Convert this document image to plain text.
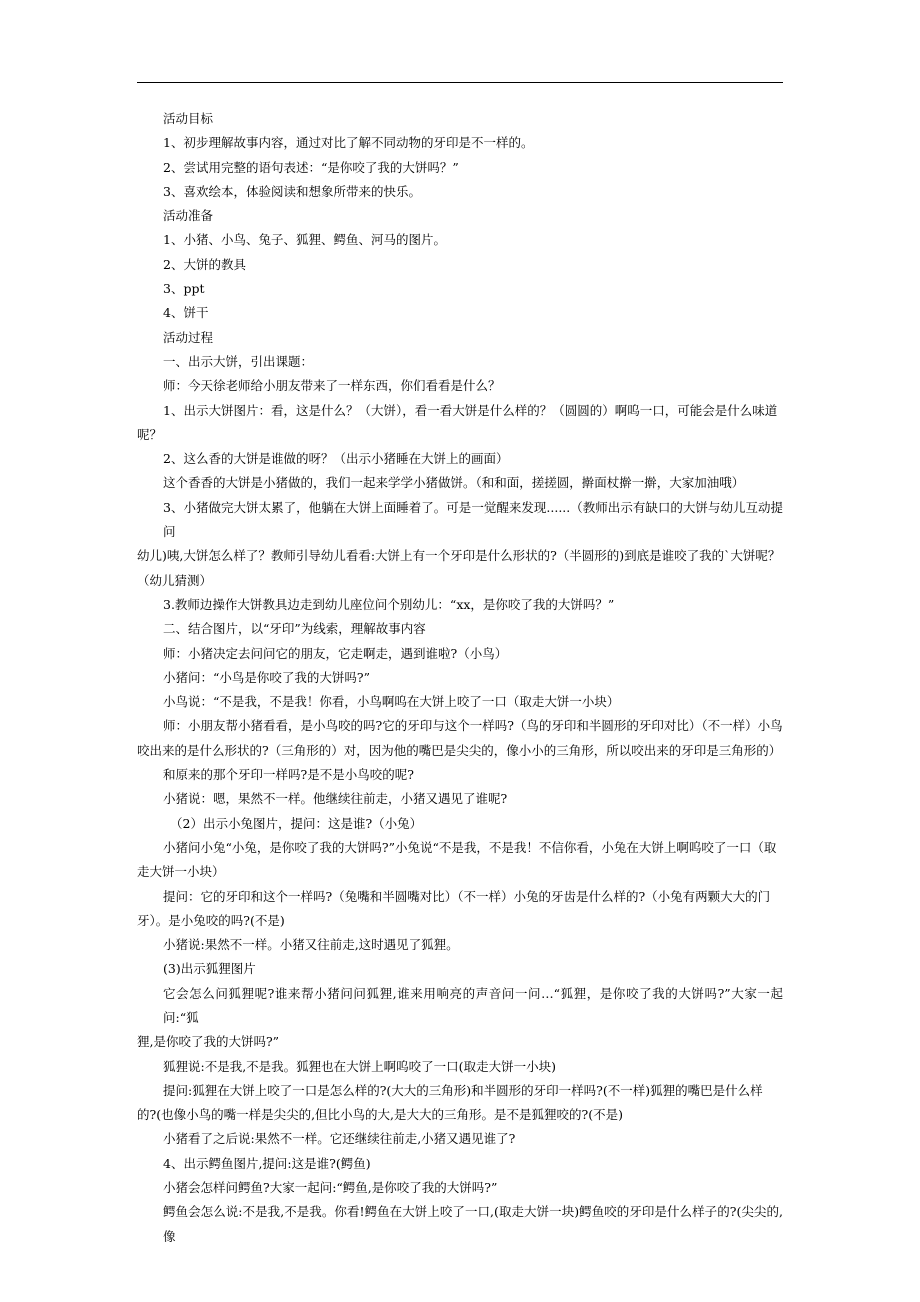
活动目标

1、初步理解故事内容，通过对比了解不同动物的牙印是不一样的。

2、尝试用完整的语句表述：“是你咬了我的大饼吗？”

3、喜欢绘本，体验阅读和想象所带来的快乐。

活动准备

1、小猪、小鸟、兔子、狐狸、鳄鱼、河马的图片。

2、大饼的教具

3、ppt

4、饼干

活动过程

一、出示大饼，引出课题：

师：今天徐老师给小朋友带来了一样东西，你们看看是什么？

1、出示大饼图片：看，这是什么？（大饼），看一看大饼是什么样的？（圆圆的）啊呜一口，可能会是什么味道

呢？

2、这么香的大饼是谁做的呀？（出示小猪睡在大饼上的画面）

这个香香的大饼是小猪做的，我们一起来学学小猪做饼。（和和面，搓搓圆，擀面杖擀一擀，大家加油哦）

3、小猪做完大饼太累了，他躺在大饼上面睡着了。可是一觉醒来发现......（教师出示有缺口的大饼与幼儿互动提问

幼儿)咦,大饼怎么样了？教师引导幼儿看看:大饼上有一个牙印是什么形状的?（半圆形的)到底是谁咬了我的`大饼呢？

（幼儿猜测）

3.教师边操作大饼教具边走到幼儿座位问个别幼儿：“xx，是你咬了我的大饼吗？”

二、结合图片，以“牙印”为线索，理解故事内容

师：小猪决定去问问它的朋友，它走啊走，遇到谁啦?（小鸟）

小猪问：“小鸟是你咬了我的大饼吗?”

小鸟说：“不是我，不是我！你看，小鸟啊呜在大饼上咬了一口（取走大饼一小块）

师：小朋友帮小猪看看，是小鸟咬的吗?它的牙印与这个一样吗?（鸟的牙印和半圆形的牙印对比）（不一样）小鸟

咬出来的是什么形状的?（三角形的）对，因为他的嘴巴是尖尖的，像小小的三角形，所以咬出来的牙印是三角形的）

和原来的那个牙印一样吗?是不是小鸟咬的呢?

小猪说：嗯，果然不一样。他继续往前走，小猪又遇见了谁呢?

（2）出示小兔图片，提问：这是谁?（小兔）

小猪问小兔“小兔，是你咬了我的大饼吗?”小兔说“不是我，不是我！不信你看，小兔在大饼上啊呜咬了一口（取

走大饼一小块）

提问：它的牙印和这个一样吗?（兔嘴和半圆嘴对比）（不一样）小兔的牙齿是什么样的?（小兔有两颗大大的门

牙）。是小兔咬的吗?(不是)

小猪说:果然不一样。小猪又往前走,这时遇见了狐狸。

(3)出示狐狸图片

它会怎么问狐狸呢?谁来帮小猪问问狐狸,谁来用响亮的声音问一问…“狐狸，是你咬了我的大饼吗?”大家一起问:“狐

狸,是你咬了我的大饼吗?”

狐狸说:不是我,不是我。狐狸也在大饼上啊呜咬了一口(取走大饼一小块)

提问:狐狸在大饼上咬了一口是怎么样的?(大大的三角形)和半圆形的牙印一样吗?(不一样)狐狸的嘴巴是什么样

的?(也像小鸟的嘴一样是尖尖的,但比小鸟的大,是大大的三角形。是不是狐狸咬的?(不是)

小猪看了之后说:果然不一样。它还继续往前走,小猪又遇见谁了?

4、出示鳄鱼图片,提问:这是谁?(鳄鱼)

小猪会怎样问鳄鱼?大家一起问:“鳄鱼,是你咬了我的大饼吗?”

鳄鱼会怎么说:不是我,不是我。你看!鳄鱼在大饼上咬了一口,(取走大饼一块)鳄鱼咬的牙印是什么样子的?(尖尖的,像
